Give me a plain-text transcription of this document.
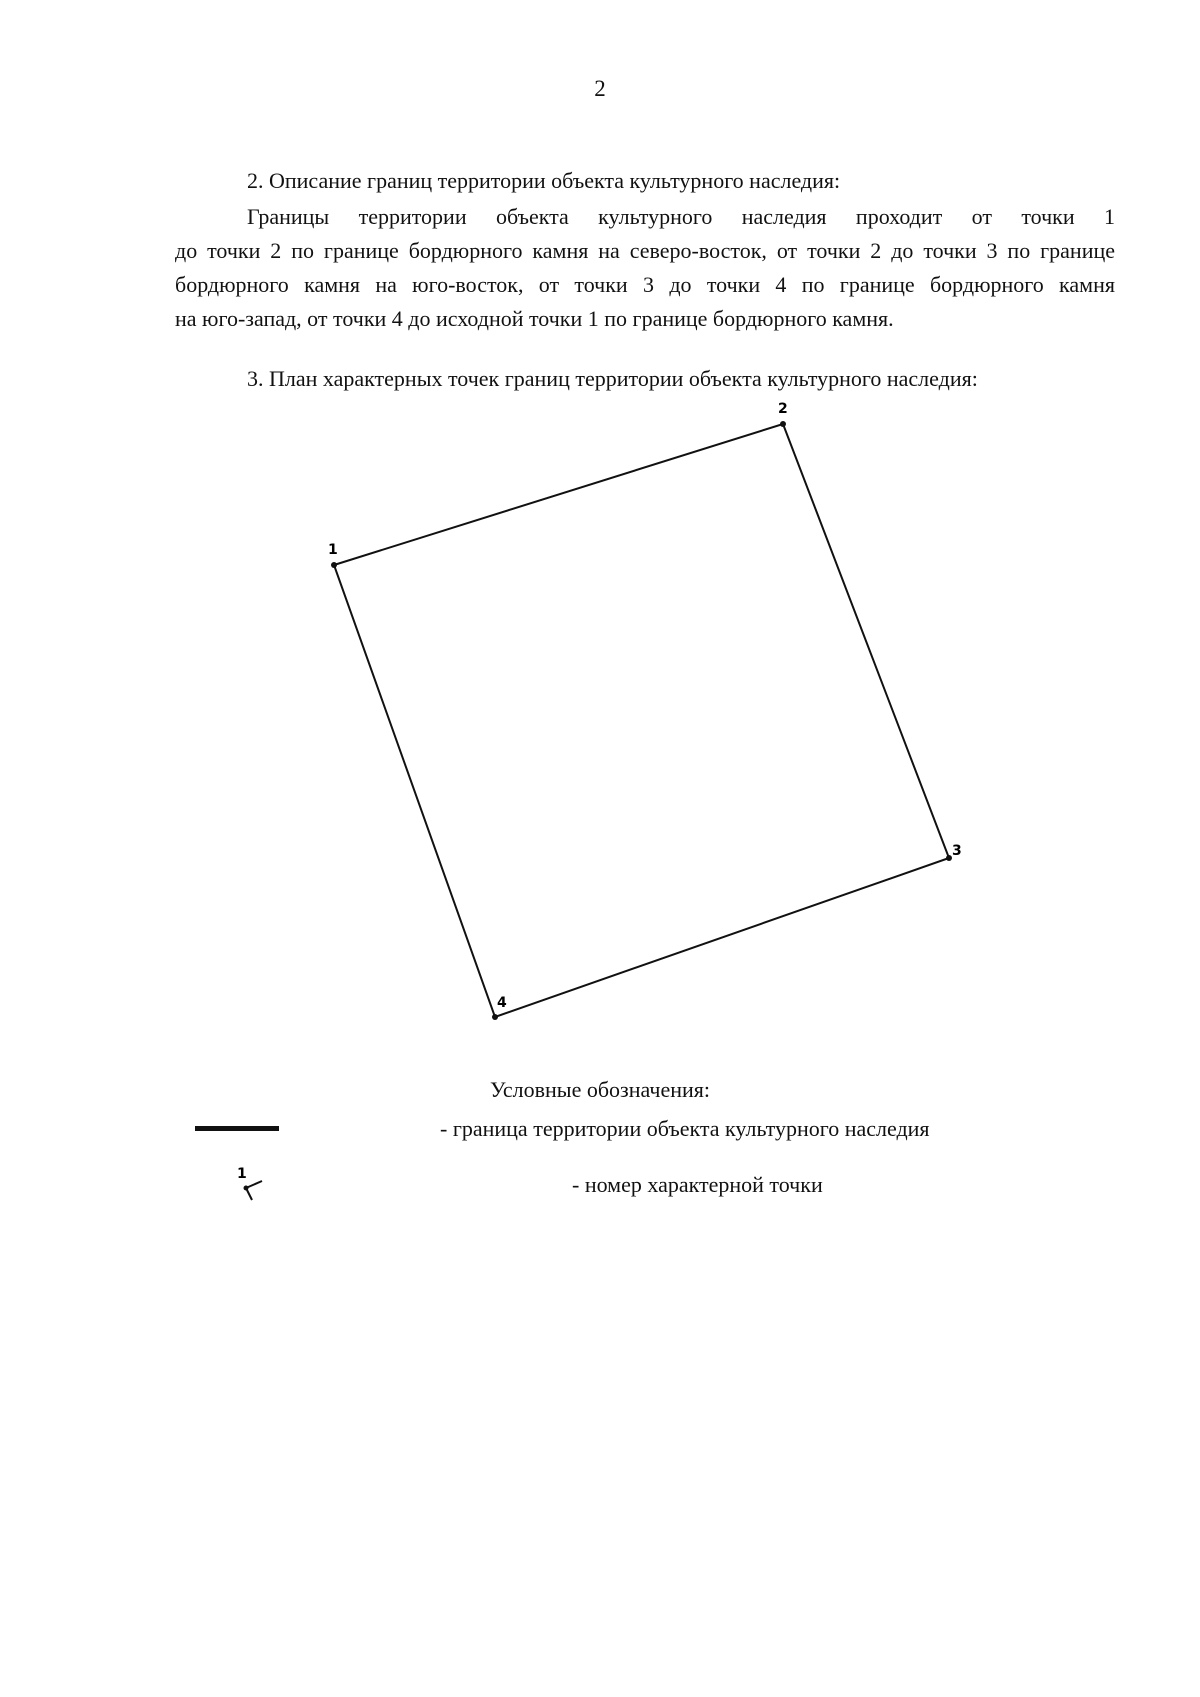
2
2. Описание границ территории объекта культурного наследия:
Границы территории объекта культурного наследия проходит от точки 1
до точки 2 по границе бордюрного камня на северо-восток, от точки 2 до точки 3 по границе
бордюрного камня на юго-восток, от точки 3 до точки 4 по границе бордюрного камня
на юго-запад, от точки 4 до исходной точки 1 по границе бордюрного камня.
3. План характерных точек границ территории объекта культурного наследия:
1
2
3
4
1
Условные обозначения:
- граница территории объекта культурного наследия
- номер характерной точки
